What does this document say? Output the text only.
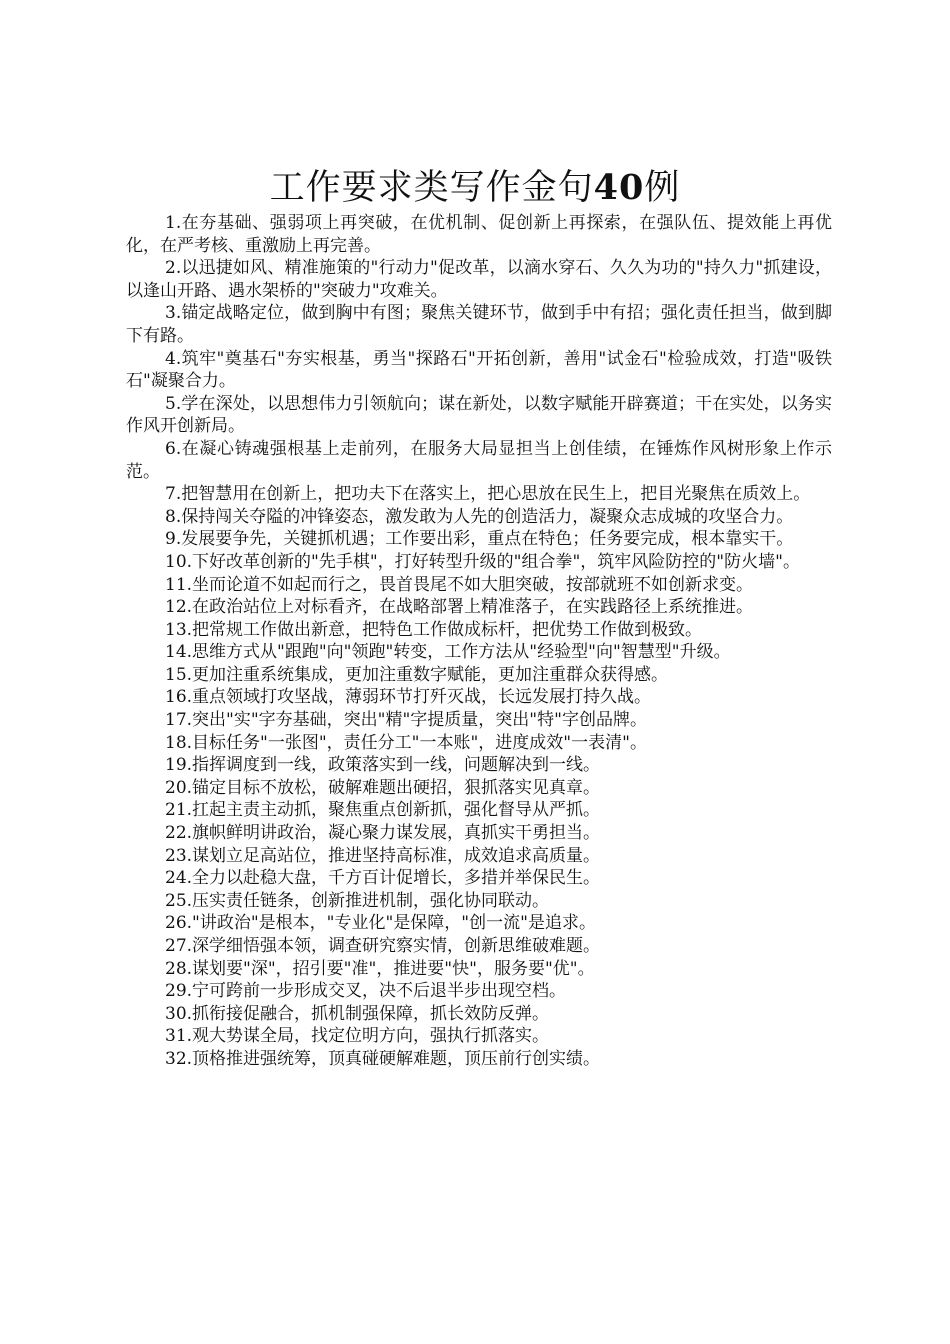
工作要求类写作金句40例
1.在夯基础、强弱项上再突破，在优机制、促创新上再探索，在强队伍、提效能上再优化，在严考核、重激励上再完善。
2.以迅捷如风、精准施策的"行动力"促改革，以滴水穿石、久久为功的"持久力"抓建设，以逢山开路、遇水架桥的"突破力"攻难关。
3.锚定战略定位，做到胸中有图；聚焦关键环节，做到手中有招；强化责任担当，做到脚下有路。
4.筑牢"奠基石"夯实根基，勇当"探路石"开拓创新，善用"试金石"检验成效，打造"吸铁石"凝聚合力。
5.学在深处，以思想伟力引领航向；谋在新处，以数字赋能开辟赛道；干在实处，以务实作风开创新局。
6.在凝心铸魂强根基上走前列，在服务大局显担当上创佳绩，在锤炼作风树形象上作示范。
7.把智慧用在创新上，把功夫下在落实上，把心思放在民生上，把目光聚焦在质效上。
8.保持闯关夺隘的冲锋姿态，激发敢为人先的创造活力，凝聚众志成城的攻坚合力。
9.发展要争先，关键抓机遇；工作要出彩，重点在特色；任务要完成，根本靠实干。
10.下好改革创新的"先手棋"，打好转型升级的"组合拳"，筑牢风险防控的"防火墙"。
11.坐而论道不如起而行之，畏首畏尾不如大胆突破，按部就班不如创新求变。
12.在政治站位上对标看齐，在战略部署上精准落子，在实践路径上系统推进。
13.把常规工作做出新意，把特色工作做成标杆，把优势工作做到极致。
14.思维方式从"跟跑"向"领跑"转变，工作方法从"经验型"向"智慧型"升级。
15.更加注重系统集成，更加注重数字赋能，更加注重群众获得感。
16.重点领域打攻坚战，薄弱环节打歼灭战，长远发展打持久战。
17.突出"实"字夯基础，突出"精"字提质量，突出"特"字创品牌。
18.目标任务"一张图"，责任分工"一本账"，进度成效"一表清"。
19.指挥调度到一线，政策落实到一线，问题解决到一线。
20.锚定目标不放松，破解难题出硬招，狠抓落实见真章。
21.扛起主责主动抓，聚焦重点创新抓，强化督导从严抓。
22.旗帜鲜明讲政治，凝心聚力谋发展，真抓实干勇担当。
23.谋划立足高站位，推进坚持高标准，成效追求高质量。
24.全力以赴稳大盘，千方百计促增长，多措并举保民生。
25.压实责任链条，创新推进机制，强化协同联动。
26."讲政治"是根本，"专业化"是保障，"创一流"是追求。
27.深学细悟强本领，调查研究察实情，创新思维破难题。
28.谋划要"深"，招引要"准"，推进要"快"，服务要"优"。
29.宁可跨前一步形成交叉，决不后退半步出现空档。
30.抓衔接促融合，抓机制强保障，抓长效防反弹。
31.观大势谋全局，找定位明方向，强执行抓落实。
32.顶格推进强统筹，顶真碰硬解难题，顶压前行创实绩。
